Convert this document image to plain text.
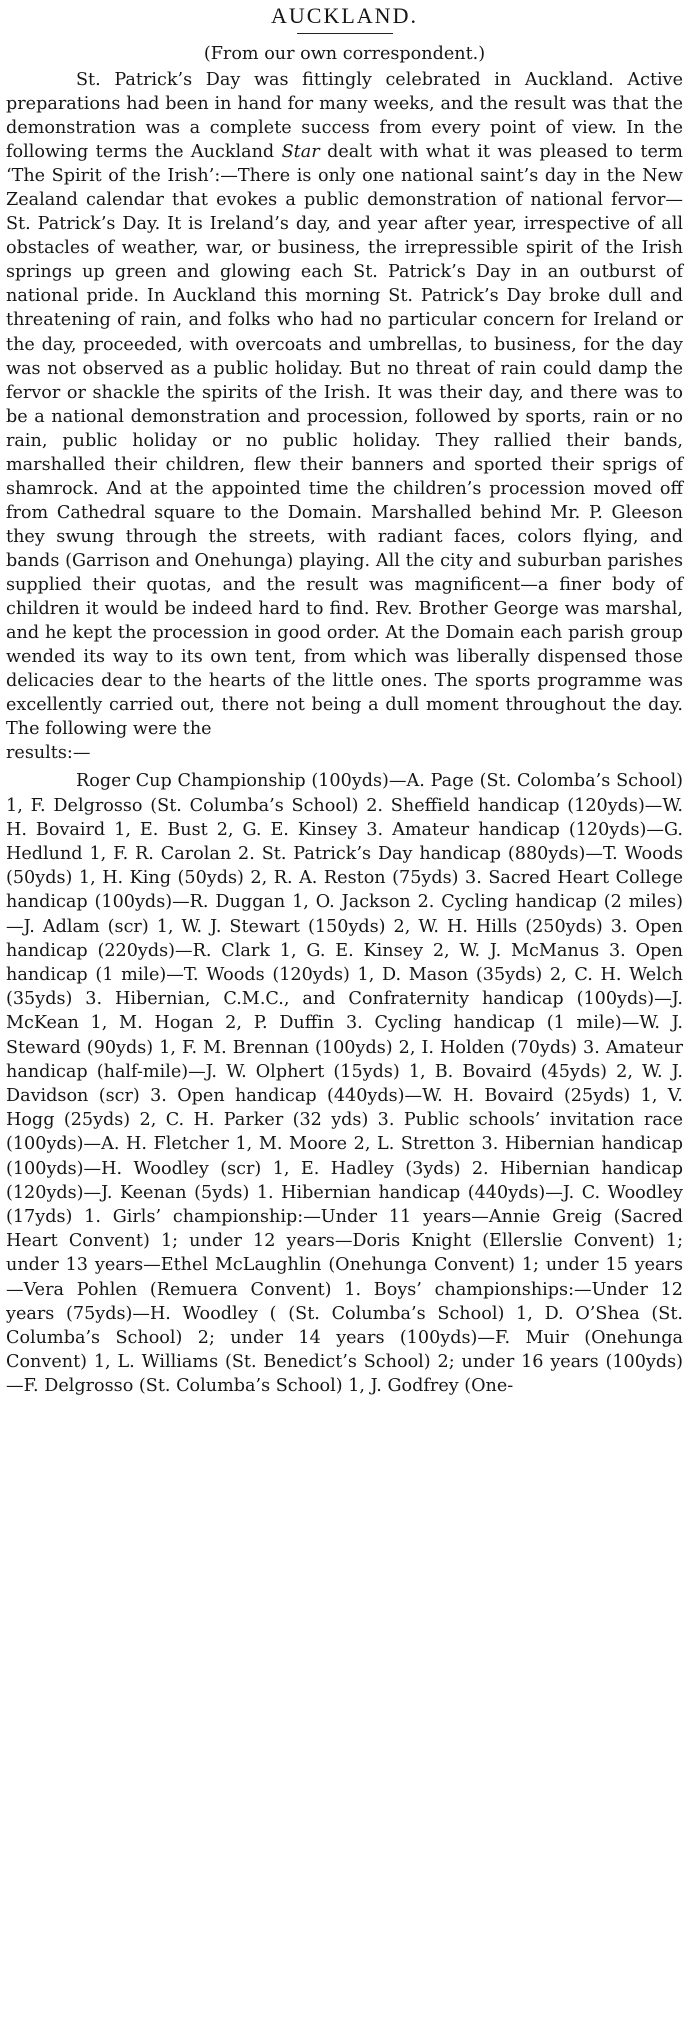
AUCKLAND.

(From our own correspondent.)

St. Patrick’s Day was fittingly celebrated in Auckland. Active preparations had been in hand for many weeks, and the result was that the demonstration was a complete success from every point of view. In the following terms the Auckland Star dealt with what it was pleased to term ‘The Spirit of the Irish’:—There is only one national saint’s day in the New Zealand calendar that evokes a public demonstration of national fervor—St. Patrick’s Day. It is Ireland’s day, and year after year, irrespective of all obstacles of weather, war, or business, the irrepressible spirit of the Irish springs up green and glowing each St. Patrick’s Day in an outburst of national pride. In Auckland this morning St. Patrick’s Day broke dull and threatening of rain, and folks who had no particular concern for Ireland or the day, proceeded, with overcoats and umbrellas, to business, for the day was not observed as a public holiday. But no threat of rain could damp the fervor or shackle the spirits of the Irish. It was their day, and there was to be a national demonstration and procession, followed by sports, rain or no rain, public holiday or no public holiday. They rallied their bands, marshalled their children, flew their banners and sported their sprigs of shamrock. And at the appointed time the children’s procession moved off from Cathedral square to the Domain. Marshalled behind Mr. P. Gleeson they swung through the streets, with radiant faces, colors flying, and bands (Garrison and Onehunga) playing. All the city and suburban parishes supplied their quotas, and the result was magnificent—a finer body of children it would be indeed hard to find. Rev. Brother George was marshal, and he kept the procession in good order. At the Domain each parish group wended its way to its own tent, from which was liberally dispensed those delicacies dear to the hearts of the little ones. The sports programme was excellently carried out, there not being a dull moment throughout the day. The following were the

results:—

Roger Cup Championship (100yds)—A. Page (St. Colomba’s School) 1, F. Delgrosso (St. Columba’s School) 2. Sheffield handicap (120yds)—W. H. Bovaird 1, E. Bust 2, G. E. Kinsey 3. Amateur handicap (120yds)—G. Hedlund 1, F. R. Carolan 2. St. Patrick’s Day handicap (880yds)—T. Woods (50yds) 1, H. King (50yds) 2, R. A. Reston (75yds) 3. Sacred Heart College handicap (100yds)—R. Duggan 1, O. Jackson 2. Cycling handicap (2 miles)—J. Adlam (scr) 1, W. J. Stewart (150yds) 2, W. H. Hills (250yds) 3. Open handicap (220yds)—R. Clark 1, G. E. Kinsey 2, W. J. McManus 3. Open handicap (1 mile)—T. Woods (120yds) 1, D. Mason (35yds) 2, C. H. Welch (35yds) 3. Hibernian, C.M.C., and Confraternity handicap (100yds)—J. McKean 1, M. Hogan 2, P. Duffin 3. Cycling handicap (1 mile)—W. J. Steward (90yds) 1, F. M. Brennan (100yds) 2, I. Holden (70yds) 3. Amateur handicap (half-mile)—J. W. Olphert (15yds) 1, B. Bovaird (45yds) 2, W. J. Davidson (scr) 3. Open handicap (440yds)—W. H. Bovaird (25yds) 1, V. Hogg (25yds) 2, C. H. Parker (32 yds) 3. Public schools’ invitation race (100yds)—A. H. Fletcher 1, M. Moore 2, L. Stretton 3. Hibernian handicap (100yds)—H. Woodley (scr) 1, E. Hadley (3yds) 2. Hibernian handicap (120yds)—J. Keenan (5yds) 1. Hibernian handicap (440yds)—J. C. Woodley (17yds) 1. Girls’ championship:—Under 11 years—Annie Greig (Sacred Heart Convent) 1; under 12 years—Doris Knight (Ellerslie Convent) 1; under 13 years—Ethel McLaughlin (Onehunga Convent) 1; under 15 years—Vera Pohlen (Remuera Convent) 1. Boys’ championships:—Under 12 years (75yds)—H. Woodley ( (St. Columba’s School) 1, D. O’Shea (St. Columba’s School) 2; under 14 years (100yds)—F. Muir (Onehunga Convent) 1, L. Williams (St. Benedict’s School) 2; under 16 years (100yds)—F. Delgrosso (St. Columba’s School) 1, J. Godfrey (One-
